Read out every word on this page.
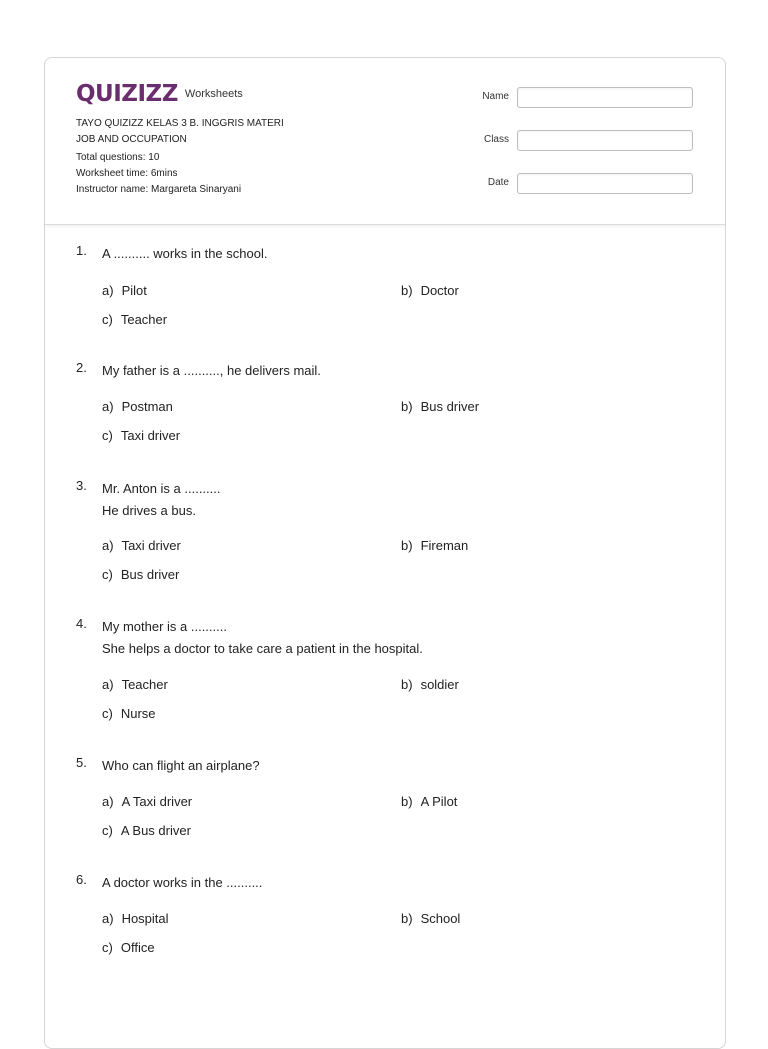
QUIZIZZ Worksheets
TAYO QUIZIZZ KELAS 3 B. INGGRIS MATERI
JOB AND OCCUPATION
Total questions: 10
Worksheet time: 6mins
Instructor name: Margareta Sinaryani
Name
Class
Date
1. A .......... works in the school.
a) Pilot	b) Doctor
c) Teacher
2. My father is a .........., he delivers mail.
a) Postman	b) Bus driver
c) Taxi driver
3. Mr. Anton is a ..........
He drives a bus.
a) Taxi driver	b) Fireman
c) Bus driver
4. My mother is a ..........
She helps a doctor to take care a patient in the hospital.
a) Teacher	b) soldier
c) Nurse
5. Who can flight an airplane?
a) A Taxi driver	b) A Pilot
c) A Bus driver
6. A doctor works in the ..........
a) Hospital	b) School
c) Office
